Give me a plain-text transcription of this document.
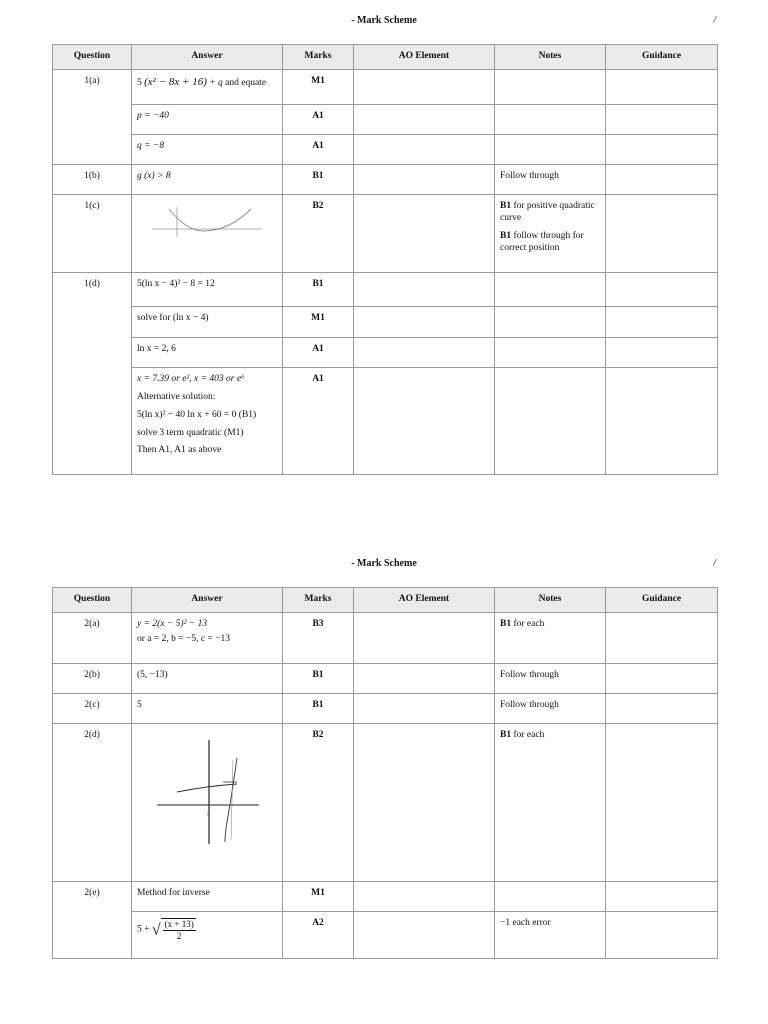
- Mark Scheme	/
Question	Answer	Marks	AO Element	Notes	Guidance
1(a)	5 (x² − 8x + 16) + q and equate	M1			
	p = −40	A1			
	q = −8	A1			
1(b)	g (x) > 8	B1		Follow through	
1(c)		B2		B1 for positive quadratic curve
B1 follow through for correct position	

1(d)	5(ln x − 4)² − 8 = 12	B1			
	solve for (ln x − 4)	M1			
	ln x = 2, 6	A1			

	x = 7.39 or e², x = 403 or e⁶
Alternative solution:
5(ln x)² − 40 ln x + 60 = 0 (B1)
solve 3 term quadratic (M1)
Then A1, A1 as above	A1			
- Mark Scheme	/
Question	Answer	Marks	AO Element	Notes	Guidance
2(a)	y = 2(x − 5)² − 13
or a = 2, b = −5, c = −13	B3		B1 for each	
2(b)	(5, −13)	B1		Follow through	
2(c)	5	B1		Follow through	
2(d)	5	B2		B1 for each	
2(e)	Method for inverse	M1			
	5 + √ $\frac{(x + 13)}{2}$	A2		−1 each error	
